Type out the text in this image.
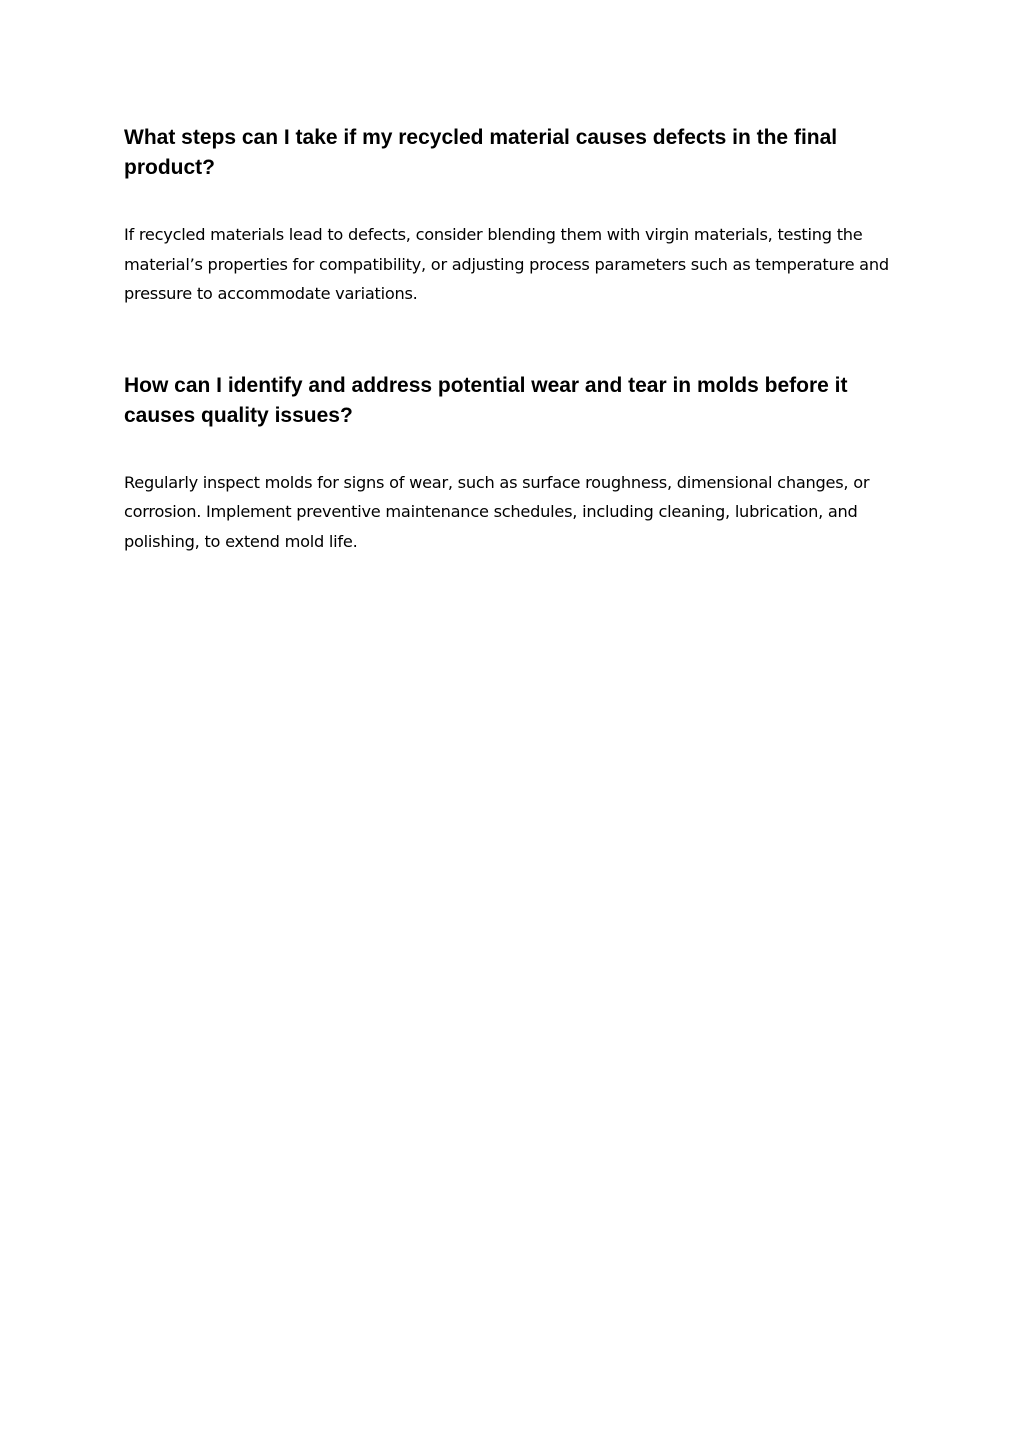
What steps can I take if my recycled material causes defects in the final product?

If recycled materials lead to defects, consider blending them with virgin materials, testing the material’s properties for compatibility, or adjusting process parameters such as temperature and pressure to accommodate variations.

How can I identify and address potential wear and tear in molds before it causes quality issues?

Regularly inspect molds for signs of wear, such as surface roughness, dimensional changes, or corrosion. Implement preventive maintenance schedules, including cleaning, lubrication, and polishing, to extend mold life.
